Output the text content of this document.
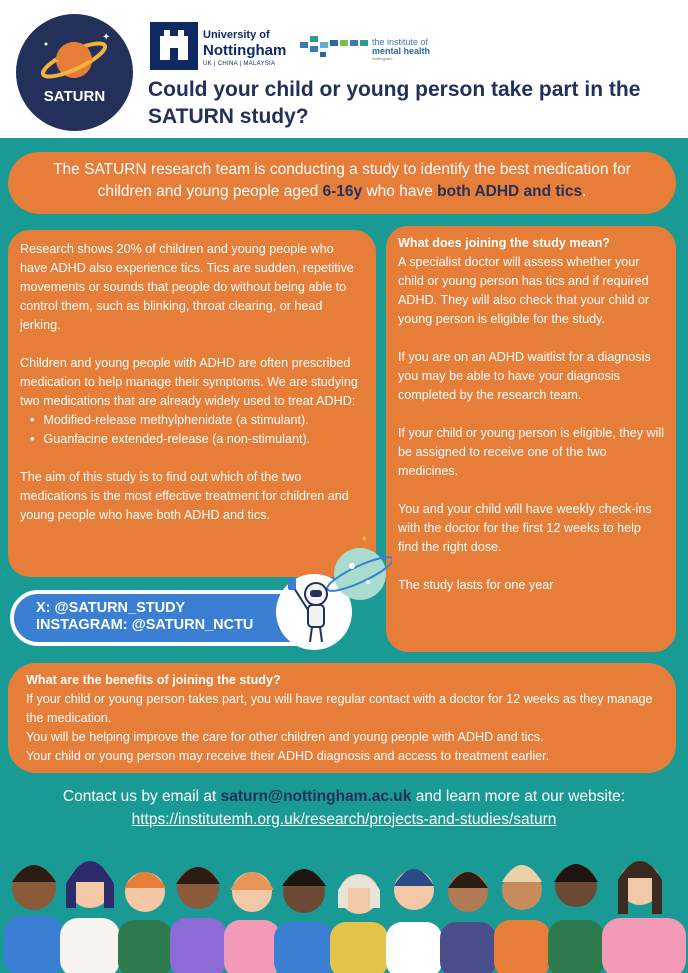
✦
SATURN
University of
Nottingham
UK | CHINA | MALAYSIA
the institute of
mental health
Nottingham
Could your child or young person take part in the SATURN study?
The SATURN research team is conducting a study to identify the best medication for children and young people aged 6-16y who have both ADHD and tics.

Research shows 20% of children and young people who have ADHD also experience tics. Tics are sudden, repetitive movements or sounds that people do without being able to control them, such as blinking, throat clearing, or head jerking.

Children and young people with ADHD are often prescribed medication to help manage their symptoms. We are studying two medications that are already widely used to treat ADHD:

• Modified-release methylphenidate (a stimulant).
• Guanfacine extended-release (a non-stimulant).

The aim of this study is to find out which of the two medications is the most effective treatment for children and young people who have both ADHD and tics.

What does joining the study mean?

A specialist doctor will assess whether your child or young person has tics and if required ADHD. They will also check that your child or young person is eligible for the study.

If you are on an ADHD waitlist for a diagnosis you may be able to have your diagnosis completed by the research team.

If your child or young person is eligible, they will be assigned to receive one of the two medicines.

You and your child will have weekly check-ins with the doctor for the first 12 weeks to help find the right dose.

The study lasts for one year

X: @SATURN_STUDY
INSTAGRAM: @SATURN_NCTU
✦
What are the benefits of joining the study?
If your child or young person takes part, you will have regular contact with a doctor for 12 weeks as they manage the medication.
You will be helping improve the care for other children and young people with ADHD and tics.
Your child or young person may receive their ADHD diagnosis and access to treatment earlier.
Contact us by email at saturn@nottingham.ac.uk and learn more at our website:
https://institutemh.org.uk/research/projects-and-studies/saturn
